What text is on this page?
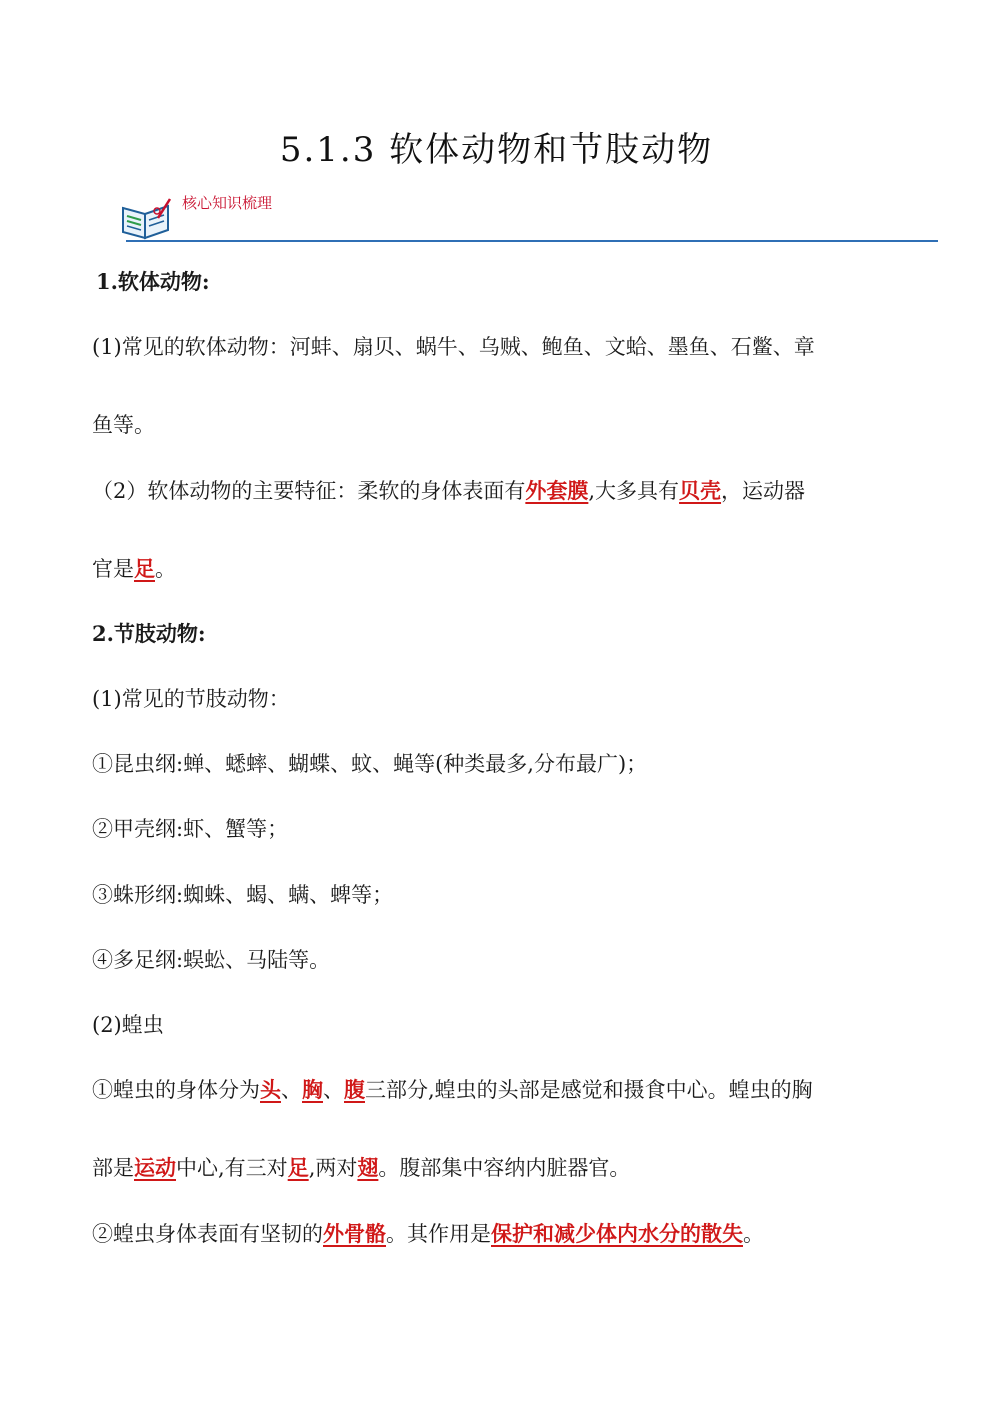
5.1.3 软体动物和节肢动物
核心知识梳理
1.软体动物:
(1)常见的软体动物：河蚌、扇贝、蜗牛、乌贼、鲍鱼、文蛤、墨鱼、石鳖、章
鱼等。
（2）软体动物的主要特征：柔软的身体表面有外套膜,大多具有贝壳，运动器
官是足。
2.节肢动物:
(1)常见的节肢动物：
①昆虫纲:蝉、蟋蟀、蝴蝶、蚊、蝇等(种类最多,分布最广)；
②甲壳纲:虾、蟹等；
③蛛形纲:蜘蛛、蝎、螨、蜱等；
④多足纲:蜈蚣、马陆等。
(2)蝗虫
①蝗虫的身体分为头、胸、腹三部分,蝗虫的头部是感觉和摄食中心。蝗虫的胸
部是运动中心,有三对足,两对翅。腹部集中容纳内脏器官。
②蝗虫身体表面有坚韧的外骨骼。其作用是保护和减少体内水分的散失。
